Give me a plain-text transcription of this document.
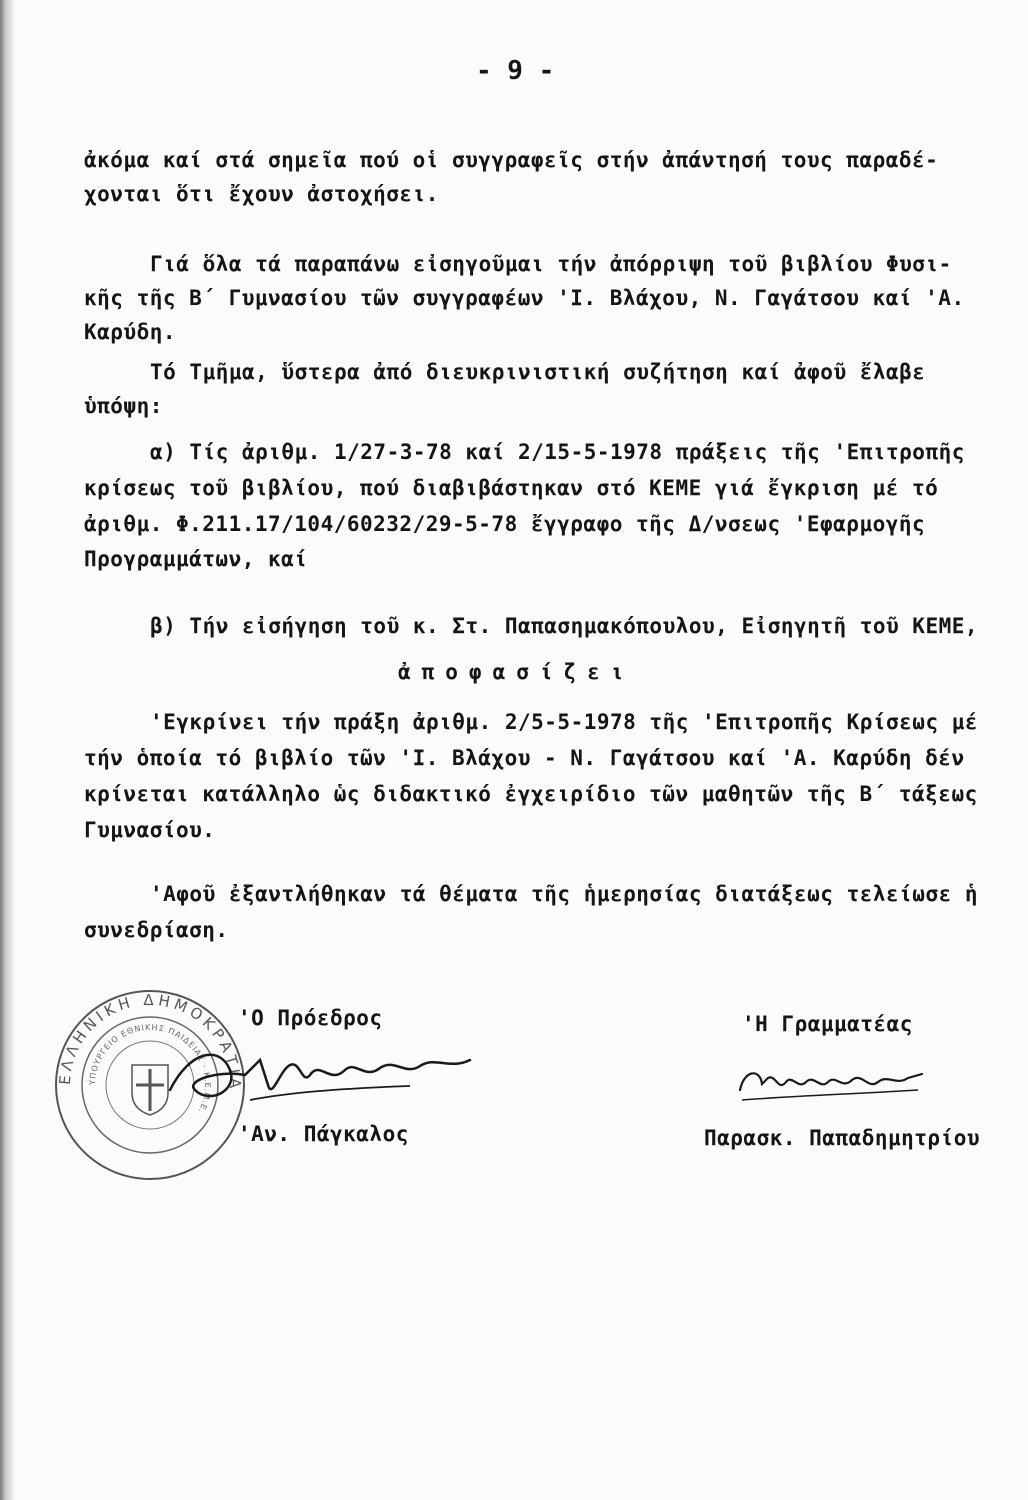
- 9 -
ἀκόμα καί στά σημεῖα πού οἱ συγγραφεῖς στήν ἀπάντησή τους παραδέ-
χονται ὅτι ἔχουν ἀστοχήσει.
Γιά ὅλα τά παραπάνω εἰσηγοῦμαι τήν ἀπόρριψη τοῦ βιβλίου Φυσι-
κῆς τῆς Β΄ Γυμνασίου τῶν συγγραφέων 'Ι. Βλάχου, Ν. Γαγάτσου καί 'Α.
Καρύδη.
Τό Τμῆμα, ὕστερα ἀπό διευκρινιστική συζήτηση καί ἀφοῦ ἔλαβε
ὑπόψη:
α) Τίς ἀριθμ. 1/27-3-78 καί 2/15-5-1978 πράξεις τῆς 'Επιτροπῆς
κρίσεως τοῦ βιβλίου, πού διαβιβάστηκαν στό ΚΕΜΕ γιά ἔγκριση μέ τό
ἀριθμ. Φ.211.17/104/60232/29-5-78 ἔγγραφο τῆς Δ/νσεως 'Εφαρμογῆς
Προγραμμάτων, καί
β) Τήν εἰσήγηση τοῦ κ. Στ. Παπασημακόπουλου, Εἰσηγητῆ τοῦ ΚΕΜΕ,
ἀποφασίζει
'Εγκρίνει τήν πράξη ἀριθμ. 2/5-5-1978 τῆς 'Επιτροπῆς Κρίσεως μέ
τήν ὁποία τό βιβλίο τῶν 'Ι. Βλάχου - Ν. Γαγάτσου καί 'Α. Καρύδη δέν
κρίνεται κατάλληλο ὡς διδακτικό ἐγχειρίδιο τῶν μαθητῶν τῆς Β΄ τάξεως
Γυμνασίου.
'Αφοῦ ἐξαντλήθηκαν τά θέματα τῆς ἡμερησίας διατάξεως τελείωσε ἡ
συνεδρίαση.
'Ο Πρόεδρος	'Η Γραμματέας
'Αν. Πάγκαλος	Παρασκ. Παπαδημητρίου
ΕΛΛΗΝΙΚΗ ΔΗΜΟΚΡΑΤΙΑ
ΥΠΟΥΡΓΕΙΟ ΕΘΝΙΚΗΣ ΠΑΙΔΕΙΑΣ · Κ.Ε.Μ.Ε.
